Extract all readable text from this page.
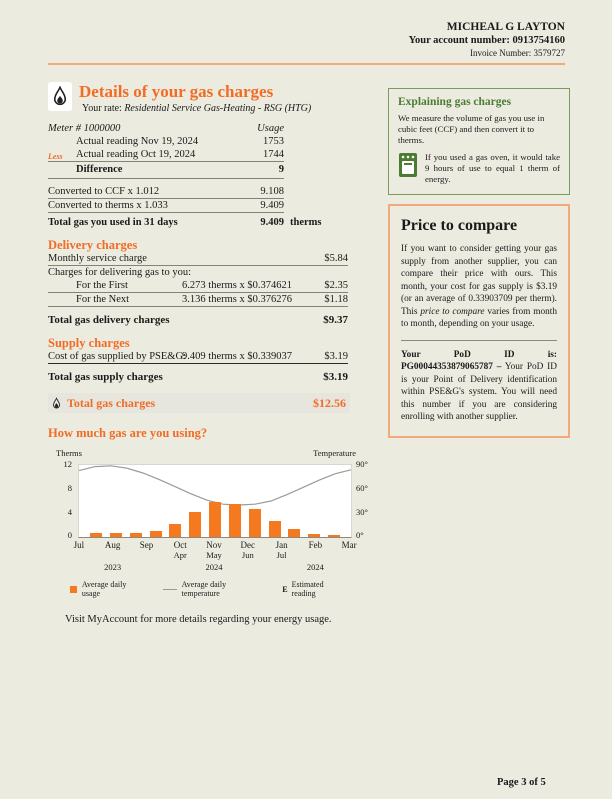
MICHEAL G LAYTON
Your account number: 0913754160
Invoice Number: 3579727
Details of your gas charges
Your rate: Residential Service Gas-Heating - RSG (HTG)
Meter # 1000000	Usage
Actual reading Nov 19, 2024	1753
Less	Actual reading Oct 19, 2024	1744
Difference	9
Converted to CCF x 1.012	9.108
Converted to therms x 1.033	9.409
Total gas you used in 31 days	9.409 therms
Delivery charges
Monthly service charge	$5.84
Charges for delivering gas to you:
For the First	6.273 therms x $0.374621	$2.35
For the Next	3.136 therms x $0.376276	$1.18
Total gas delivery charges	$9.37
Supply charges
Cost of gas supplied by PSE&G:
9.409 therms x $0.339037	$3.19
Total gas supply charges	$3.19
Total gas charges	$12.56
How much gas are you using?
Therms	Temperature
12
8
4
0
90°
60°
30°
0°
Jul	Aug	Sep	Oct	Nov	Dec	Jan	Feb	Mar
Apr	May	Jun	Jul
2023	2024	2024
Average daily usage
Average daily temperature	E Estimated reading
Visit MyAccount for more details regarding your energy usage.
Explaining gas charges

We measure the volume of gas you use in cubic feet (CCF) and then convert it to therms.

If you used a gas oven, it would take 9 hours of use to equal 1 therm of energy.

Price to compare

If you want to consider getting your gas supply from another supplier, you can compare their price with ours. This month, your cost for gas supply is $3.19 (or an average of 0.33903709 per therm). This price to compare varies from month to month, depending on your usage.

Your PoD ID is: PG00044353879065787 – Your PoD ID is your Point of Delivery identification within PSE&G's system. You will need this number if you are considering enrolling with another supplier.

Page 3 of 5
